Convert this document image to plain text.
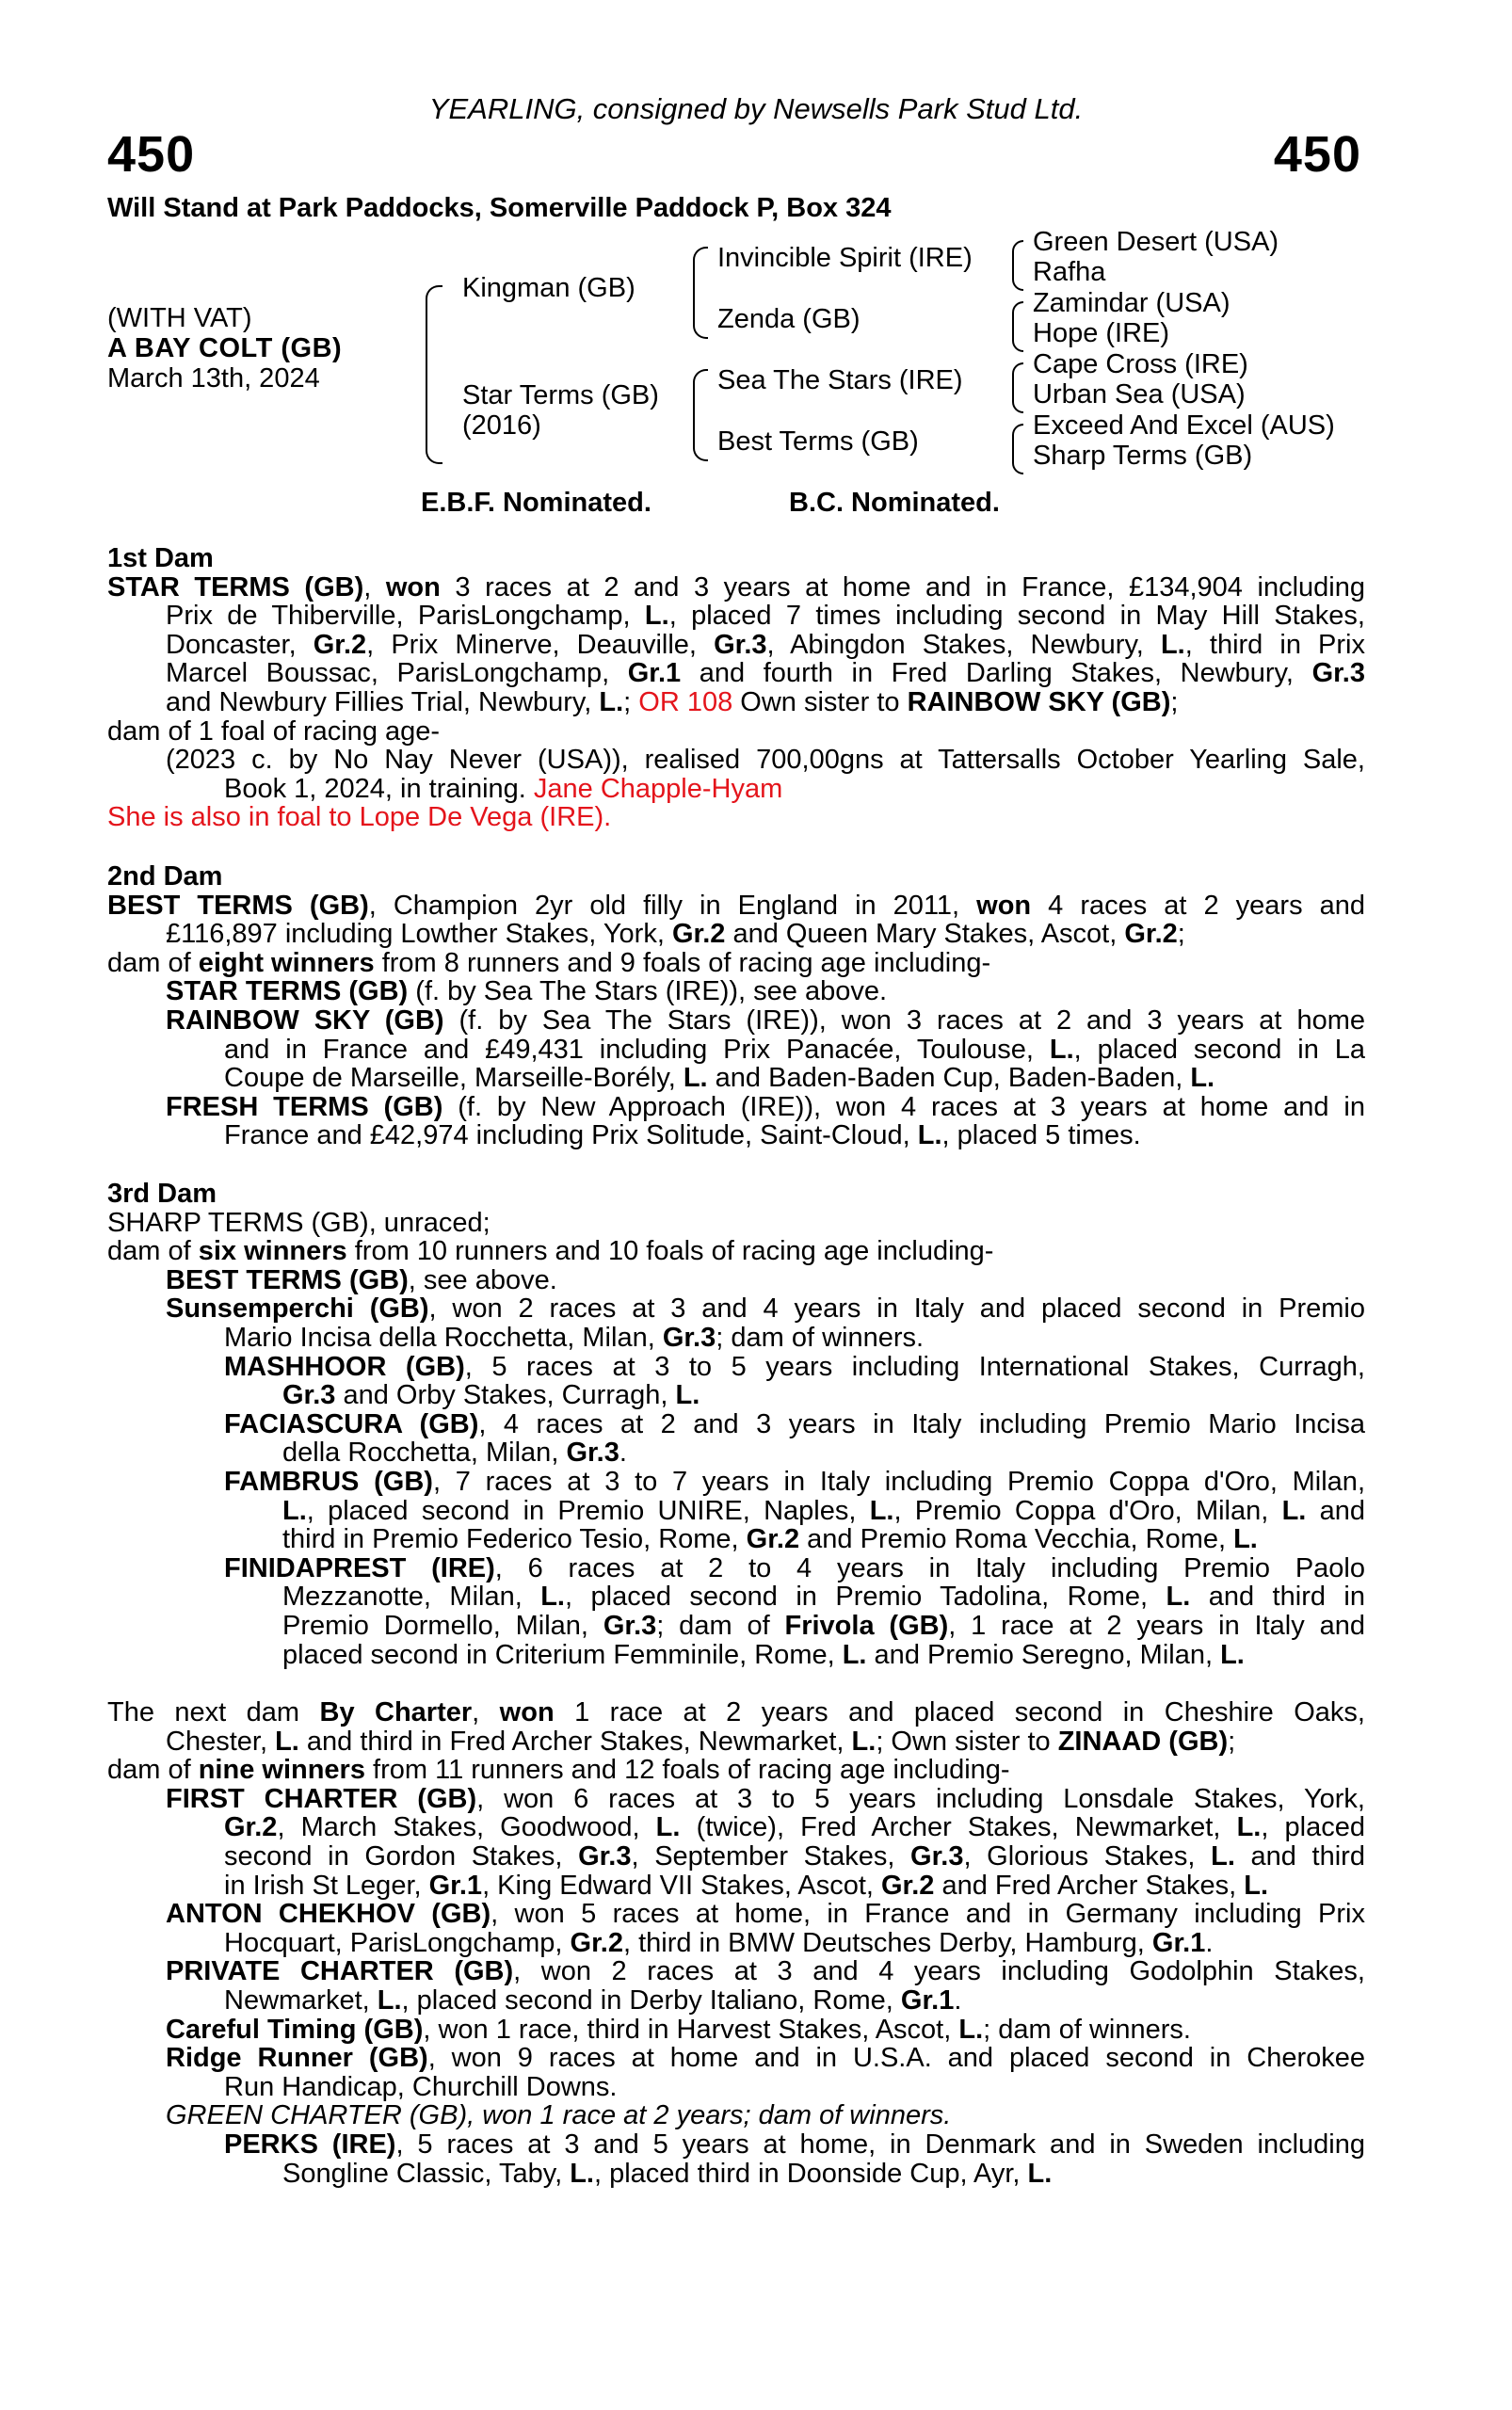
YEARLING, consigned by Newsells Park Stud Ltd.
450	450
Will Stand at Park Paddocks, Somerville Paddock P, Box 324
(WITH VAT)
A BAY COLT (GB)
March 13th, 2024
Kingman (GB)
Star Terms (GB)
(2016)
Invincible Spirit (IRE)
Zenda (GB)
Sea The Stars (IRE)
Best Terms (GB)
Green Desert (USA)
Rafha
Zamindar (USA)
Hope (IRE)
Cape Cross (IRE)
Urban Sea (USA)
Exceed And Excel (AUS)
Sharp Terms (GB)
E.B.F. Nominated.	B.C. Nominated.
1st Dam
STAR TERMS (GB), won 3 races at 2 and 3 years at home and in France, £134,904 including
Prix de Thiberville, ParisLongchamp, L., placed 7 times including second in May Hill Stakes,
Doncaster, Gr.2, Prix Minerve, Deauville, Gr.3, Abingdon Stakes, Newbury, L., third in Prix
Marcel Boussac, ParisLongchamp, Gr.1 and fourth in Fred Darling Stakes, Newbury, Gr.3
and Newbury Fillies Trial, Newbury, L.; OR 108 Own sister to RAINBOW SKY (GB);
dam of 1 foal of racing age-
(2023 c. by No Nay Never (USA)), realised 700,00gns at Tattersalls October Yearling Sale,
Book 1, 2024, in training. Jane Chapple-Hyam
She is also in foal to Lope De Vega (IRE).
2nd Dam
BEST TERMS (GB), Champion 2yr old filly in England in 2011, won 4 races at 2 years and
£116,897 including Lowther Stakes, York, Gr.2 and Queen Mary Stakes, Ascot, Gr.2;
dam of eight winners from 8 runners and 9 foals of racing age including-
STAR TERMS (GB) (f. by Sea The Stars (IRE)), see above.
RAINBOW SKY (GB) (f. by Sea The Stars (IRE)), won 3 races at 2 and 3 years at home
and in France and £49,431 including Prix Panacée, Toulouse, L., placed second in La
Coupe de Marseille, Marseille-Borély, L. and Baden-Baden Cup, Baden-Baden, L.
FRESH TERMS (GB) (f. by New Approach (IRE)), won 4 races at 3 years at home and in
France and £42,974 including Prix Solitude, Saint-Cloud, L., placed 5 times.
3rd Dam
SHARP TERMS (GB), unraced;
dam of six winners from 10 runners and 10 foals of racing age including-
BEST TERMS (GB), see above.
Sunsemperchi (GB), won 2 races at 3 and 4 years in Italy and placed second in Premio
Mario Incisa della Rocchetta, Milan, Gr.3; dam of winners.
MASHHOOR (GB), 5 races at 3 to 5 years including International Stakes, Curragh,
Gr.3 and Orby Stakes, Curragh, L.
FACIASCURA (GB), 4 races at 2 and 3 years in Italy including Premio Mario Incisa
della Rocchetta, Milan, Gr.3.
FAMBRUS (GB), 7 races at 3 to 7 years in Italy including Premio Coppa d'Oro, Milan,
L., placed second in Premio UNIRE, Naples, L., Premio Coppa d'Oro, Milan, L. and
third in Premio Federico Tesio, Rome, Gr.2 and Premio Roma Vecchia, Rome, L.
FINIDAPREST (IRE), 6 races at 2 to 4 years in Italy including Premio Paolo
Mezzanotte, Milan, L., placed second in Premio Tadolina, Rome, L. and third in
Premio Dormello, Milan, Gr.3; dam of Frivola (GB), 1 race at 2 years in Italy and
placed second in Criterium Femminile, Rome, L. and Premio Seregno, Milan, L.
The next dam By Charter, won 1 race at 2 years and placed second in Cheshire Oaks,
Chester, L. and third in Fred Archer Stakes, Newmarket, L.; Own sister to ZINAAD (GB);
dam of nine winners from 11 runners and 12 foals of racing age including-
FIRST CHARTER (GB), won 6 races at 3 to 5 years including Lonsdale Stakes, York,
Gr.2, March Stakes, Goodwood, L. (twice), Fred Archer Stakes, Newmarket, L., placed
second in Gordon Stakes, Gr.3, September Stakes, Gr.3, Glorious Stakes, L. and third
in Irish St Leger, Gr.1, King Edward VII Stakes, Ascot, Gr.2 and Fred Archer Stakes, L.
ANTON CHEKHOV (GB), won 5 races at home, in France and in Germany including Prix
Hocquart, ParisLongchamp, Gr.2, third in BMW Deutsches Derby, Hamburg, Gr.1.
PRIVATE CHARTER (GB), won 2 races at 3 and 4 years including Godolphin Stakes,
Newmarket, L., placed second in Derby Italiano, Rome, Gr.1.
Careful Timing (GB), won 1 race, third in Harvest Stakes, Ascot, L.; dam of winners.
Ridge Runner (GB), won 9 races at home and in U.S.A. and placed second in Cherokee
Run Handicap, Churchill Downs.
GREEN CHARTER (GB), won 1 race at 2 years; dam of winners.
PERKS (IRE), 5 races at 3 and 5 years at home, in Denmark and in Sweden including
Songline Classic, Taby, L., placed third in Doonside Cup, Ayr, L.
